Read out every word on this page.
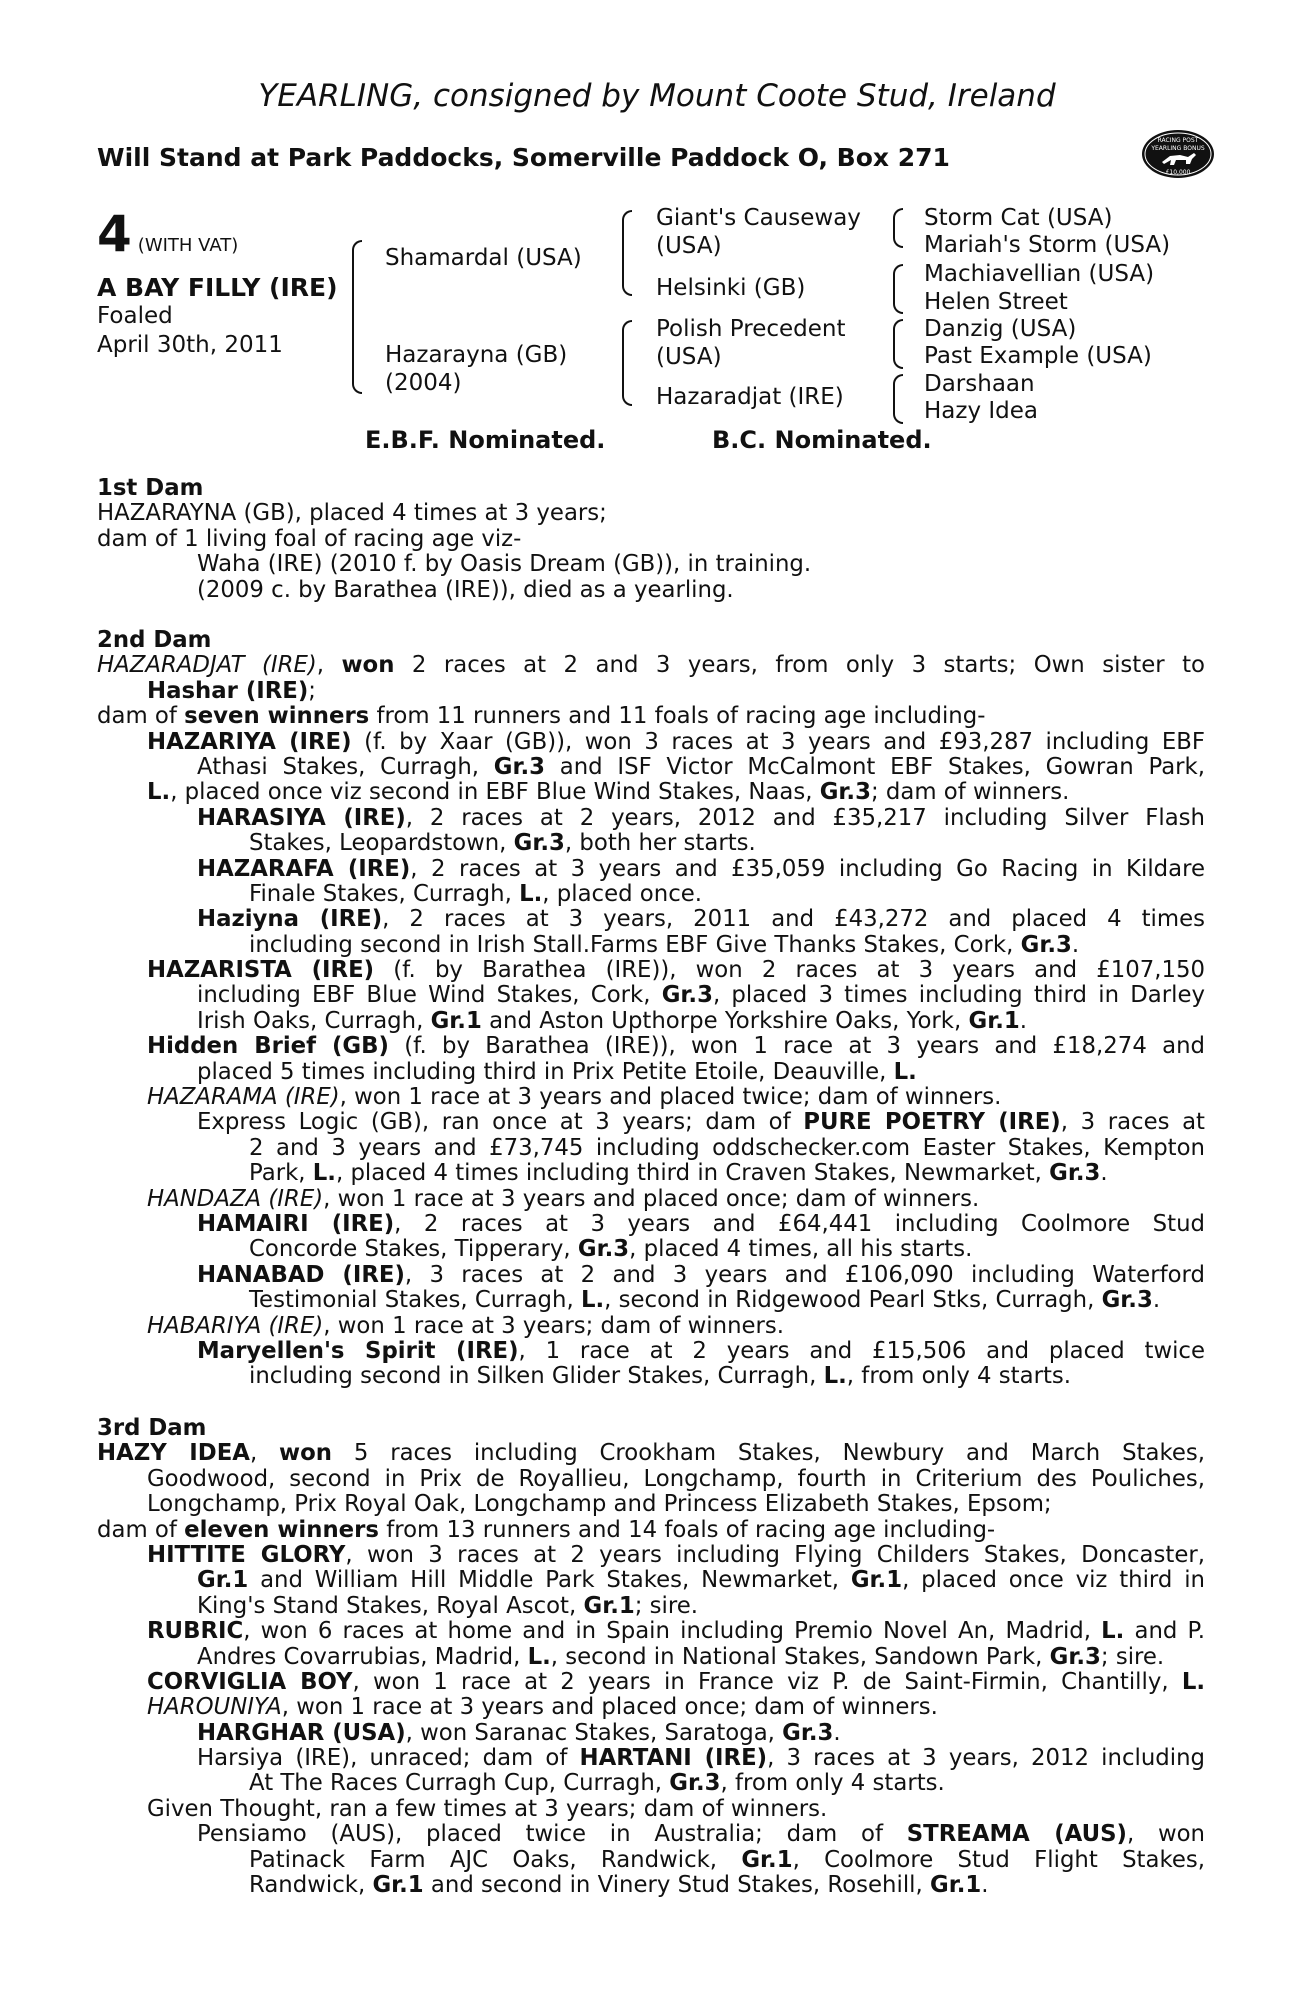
YEARLING, consigned by Mount Coote Stud, Ireland
Will Stand at Park Paddocks, Somerville Paddock O, Box 271
RACING POST
YEARLING BONUS
£10,000
4 (WITH VAT)
A BAY FILLY (IRE)
Foaled
April 30th, 2011
Shamardal (USA)
Hazarayna (GB)
(2004)
Giant's Causeway
(USA)
Helsinki (GB)
Polish Precedent
(USA)
Hazaradjat (IRE)
Storm Cat (USA)
Mariah's Storm (USA)
Machiavellian (USA)
Helen Street
Danzig (USA)
Past Example (USA)
Darshaan
Hazy Idea
E.B.F. Nominated.	B.C. Nominated.
1st Dam
HAZARAYNA (GB), placed 4 times at 3 years;
dam of 1 living foal of racing age viz-
Waha (IRE) (2010 f. by Oasis Dream (GB)), in training.
(2009 c. by Barathea (IRE)), died as a yearling.
2nd Dam
HAZARADJAT (IRE), won 2 races at 2 and 3 years, from only 3 starts; Own sister to
Hashar (IRE);
dam of seven winners from 11 runners and 11 foals of racing age including-
HAZARIYA (IRE) (f. by Xaar (GB)), won 3 races at 3 years and £93,287 including EBF
Athasi Stakes, Curragh, Gr.3 and ISF Victor McCalmont EBF Stakes, Gowran Park,
L., placed once viz second in EBF Blue Wind Stakes, Naas, Gr.3; dam of winners.
HARASIYA (IRE), 2 races at 2 years, 2012 and £35,217 including Silver Flash
Stakes, Leopardstown, Gr.3, both her starts.
HAZARAFA (IRE), 2 races at 3 years and £35,059 including Go Racing in Kildare
Finale Stakes, Curragh, L., placed once.
Haziyna (IRE), 2 races at 3 years, 2011 and £43,272 and placed 4 times
including second in Irish Stall.Farms EBF Give Thanks Stakes, Cork, Gr.3.
HAZARISTA (IRE) (f. by Barathea (IRE)), won 2 races at 3 years and £107,150
including EBF Blue Wind Stakes, Cork, Gr.3, placed 3 times including third in Darley
Irish Oaks, Curragh, Gr.1 and Aston Upthorpe Yorkshire Oaks, York, Gr.1.
Hidden Brief (GB) (f. by Barathea (IRE)), won 1 race at 3 years and £18,274 and
placed 5 times including third in Prix Petite Etoile, Deauville, L.
HAZARAMA (IRE), won 1 race at 3 years and placed twice; dam of winners.
Express Logic (GB), ran once at 3 years; dam of PURE POETRY (IRE), 3 races at
2 and 3 years and £73,745 including oddschecker.com Easter Stakes, Kempton
Park, L., placed 4 times including third in Craven Stakes, Newmarket, Gr.3.
HANDAZA (IRE), won 1 race at 3 years and placed once; dam of winners.
HAMAIRI (IRE), 2 races at 3 years and £64,441 including Coolmore Stud
Concorde Stakes, Tipperary, Gr.3, placed 4 times, all his starts.
HANABAD (IRE), 3 races at 2 and 3 years and £106,090 including Waterford
Testimonial Stakes, Curragh, L., second in Ridgewood Pearl Stks, Curragh, Gr.3.
HABARIYA (IRE), won 1 race at 3 years; dam of winners.
Maryellen's Spirit (IRE), 1 race at 2 years and £15,506 and placed twice
including second in Silken Glider Stakes, Curragh, L., from only 4 starts.
3rd Dam
HAZY IDEA, won 5 races including Crookham Stakes, Newbury and March Stakes,
Goodwood, second in Prix de Royallieu, Longchamp, fourth in Criterium des Pouliches,
Longchamp, Prix Royal Oak, Longchamp and Princess Elizabeth Stakes, Epsom;
dam of eleven winners from 13 runners and 14 foals of racing age including-
HITTITE GLORY, won 3 races at 2 years including Flying Childers Stakes, Doncaster,
Gr.1 and William Hill Middle Park Stakes, Newmarket, Gr.1, placed once viz third in
King's Stand Stakes, Royal Ascot, Gr.1; sire.
RUBRIC, won 6 races at home and in Spain including Premio Novel An, Madrid, L. and P.
Andres Covarrubias, Madrid, L., second in National Stakes, Sandown Park, Gr.3; sire.
CORVIGLIA BOY, won 1 race at 2 years in France viz P. de Saint-Firmin, Chantilly, L.
HAROUNIYA, won 1 race at 3 years and placed once; dam of winners.
HARGHAR (USA), won Saranac Stakes, Saratoga, Gr.3.
Harsiya (IRE), unraced; dam of HARTANI (IRE), 3 races at 3 years, 2012 including
At The Races Curragh Cup, Curragh, Gr.3, from only 4 starts.
Given Thought, ran a few times at 3 years; dam of winners.
Pensiamo (AUS), placed twice in Australia; dam of STREAMA (AUS), won
Patinack Farm AJC Oaks, Randwick, Gr.1, Coolmore Stud Flight Stakes,
Randwick, Gr.1 and second in Vinery Stud Stakes, Rosehill, Gr.1.
